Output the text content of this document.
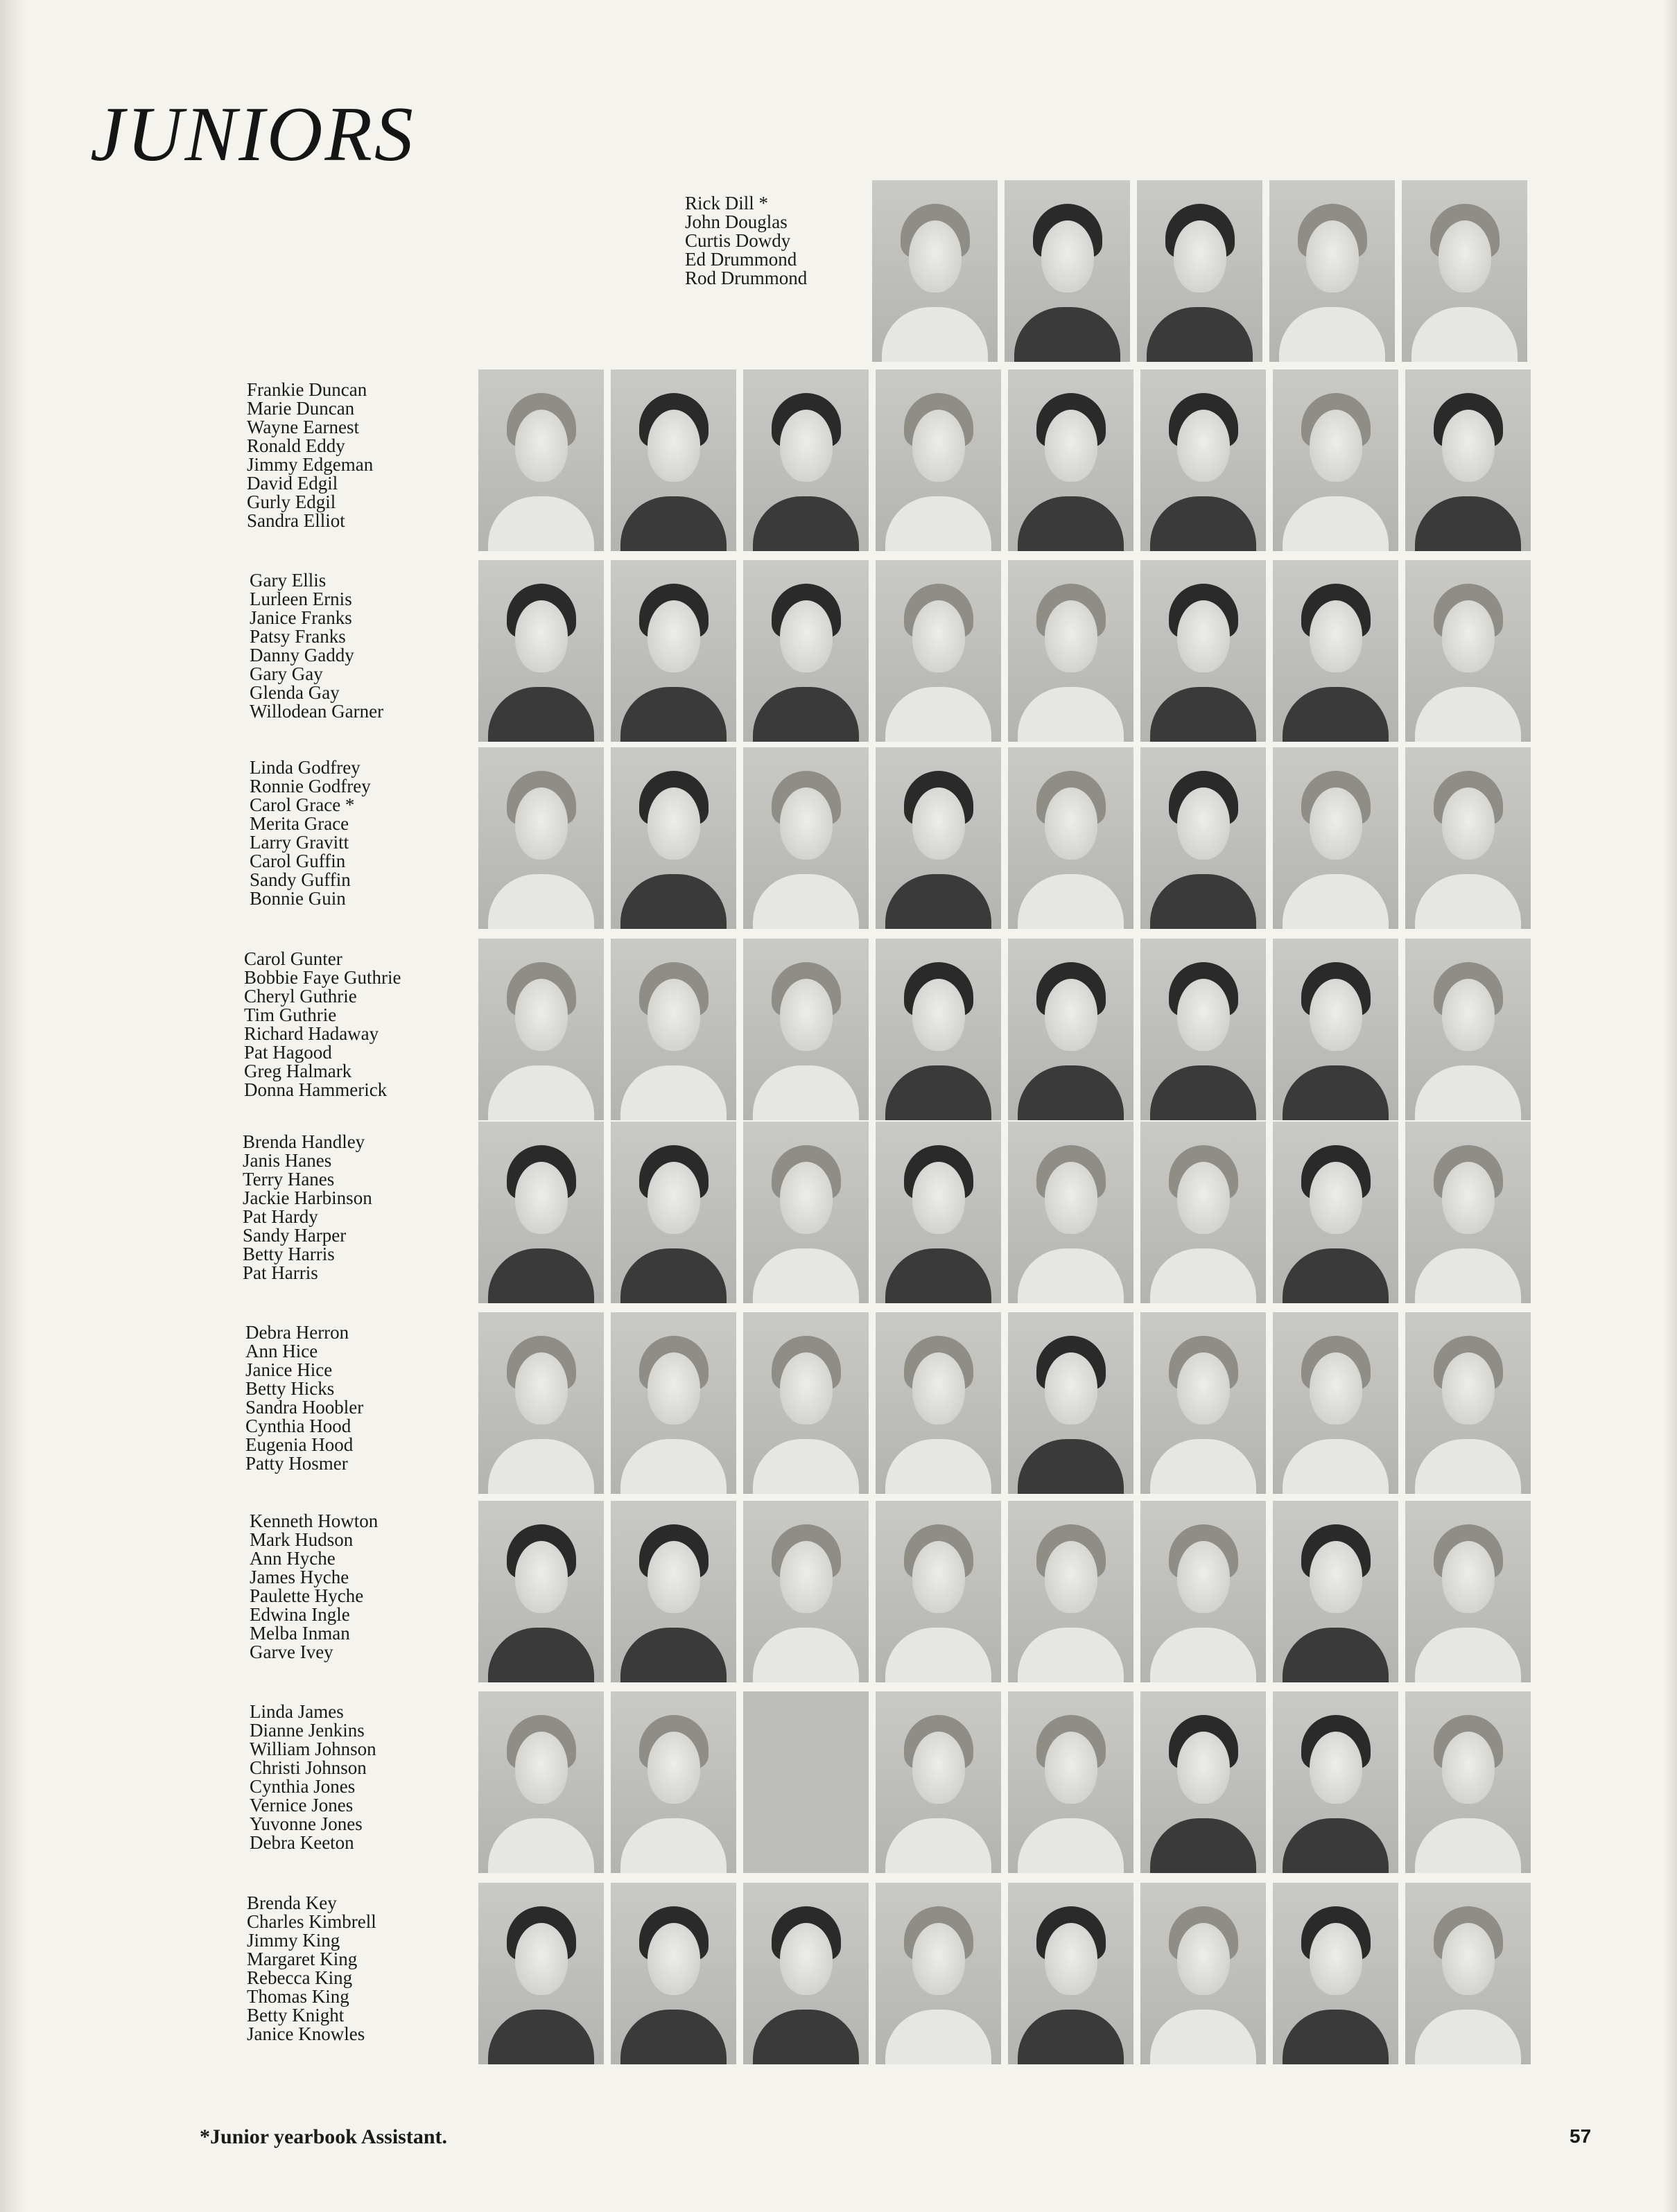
JUNIORS
Rick Dill *
John Douglas
Curtis Dowdy
Ed Drummond
Rod Drummond
Frankie Duncan
Marie Duncan
Wayne Earnest
Ronald Eddy
Jimmy Edgeman
David Edgil
Gurly Edgil
Sandra Elliot
Gary Ellis
Lurleen Ernis
Janice Franks
Patsy Franks
Danny Gaddy
Gary Gay
Glenda Gay
Willodean Garner
Linda Godfrey
Ronnie Godfrey
Carol Grace *
Merita Grace
Larry Gravitt
Carol Guffin
Sandy Guffin
Bonnie Guin
Carol Gunter
Bobbie Faye Guthrie
Cheryl Guthrie
Tim Guthrie
Richard Hadaway
Pat Hagood
Greg Halmark
Donna Hammerick
Brenda Handley
Janis Hanes
Terry Hanes
Jackie Harbinson
Pat Hardy
Sandy Harper
Betty Harris
Pat Harris
Debra Herron
Ann Hice
Janice Hice
Betty Hicks
Sandra Hoobler
Cynthia Hood
Eugenia Hood
Patty Hosmer
Kenneth Howton
Mark Hudson
Ann Hyche
James Hyche
Paulette Hyche
Edwina Ingle
Melba Inman
Garve Ivey
Linda James
Dianne Jenkins
William Johnson
Christi Johnson
Cynthia Jones
Vernice Jones
Yuvonne Jones
Debra Keeton
Brenda Key
Charles Kimbrell
Jimmy King
Margaret King
Rebecca King
Thomas King
Betty Knight
Janice Knowles
*Junior yearbook Assistant.	57
